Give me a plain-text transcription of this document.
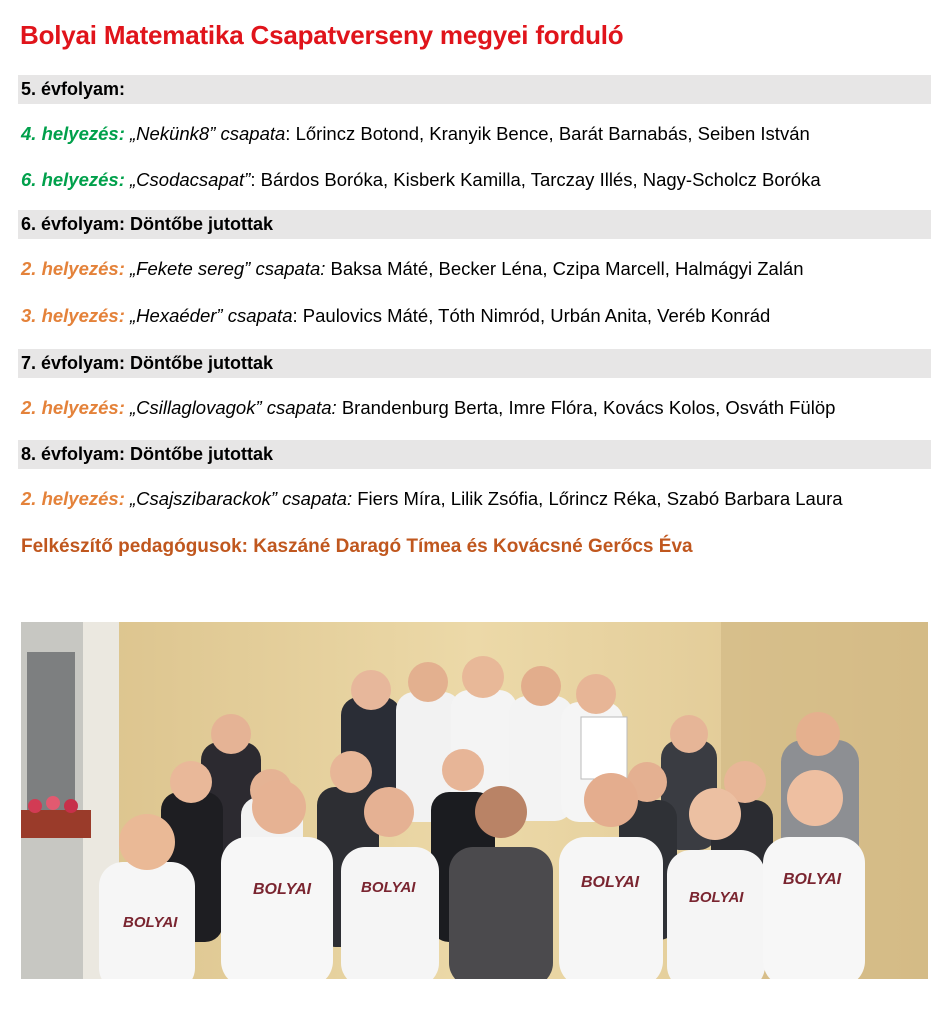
Bolyai Matematika Csapatverseny megyei forduló
5. évfolyam:
4. helyezés: „Nekünk8” csapata: Lőrincz Botond, Kranyik Bence, Barát Barnabás, Seiben István
6. helyezés: „Csodacsapat”: Bárdos Boróka, Kisberk Kamilla, Tarczay Illés, Nagy-Scholcz Boróka
6. évfolyam: Döntőbe jutottak
2. helyezés: „Fekete sereg” csapata: Baksa Máté, Becker Léna, Czipa Marcell, Halmágyi Zalán
3. helyezés: „Hexaéder” csapata: Paulovics Máté, Tóth Nimród, Urbán Anita, Veréb Konrád
7. évfolyam: Döntőbe jutottak
2. helyezés: „Csillaglovagok” csapata: Brandenburg Berta, Imre Flóra, Kovács Kolos, Osváth Fülöp
8. évfolyam: Döntőbe jutottak
2. helyezés: „Csajszibarackok” csapata: Fiers Míra, Lilik Zsófia, Lőrincz Réka, Szabó Barbara Laura
Felkészítő pedagógusok: Kaszáné Daragó Tímea és Kovácsné Gerőcs Éva
BOLYAI
BOLYAI	BOLYAI	BOLYAI
BOLYAI
BOLYAI
